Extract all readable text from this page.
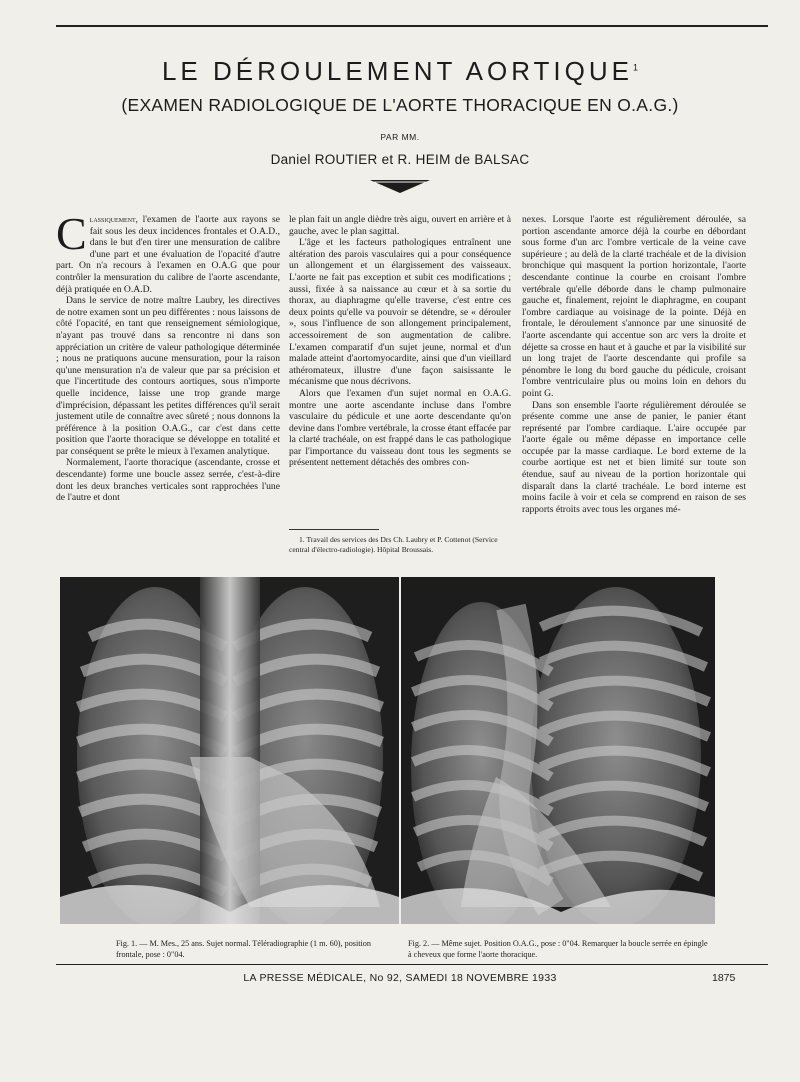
LE DÉROULEMENT AORTIQUE$^1$
(EXAMEN RADIOLOGIQUE DE L'AORTE THORACIQUE EN O.A.G.)
PAR MM.
Daniel ROUTIER et R. HEIM de BALSAC

Classiquement, l'examen de l'aorte aux rayons se fait sous les deux incidences frontales et O.A.D., dans le but d'en tirer une mensuration de calibre d'une part et une évaluation de l'opacité d'autre part. On n'a recours à l'examen en O.A.G que pour contrôler la mensuration du calibre de l'aorte ascendante, déjà pratiquée en O.A.D.

Dans le service de notre maître Laubry, les directives de notre examen sont un peu différentes : nous laissons de côté l'opacité, en tant que renseignement sémiologique, n'ayant pas trouvé dans sa rencontre ni dans son appréciation un critère de valeur pathologique déterminée ; nous ne pratiquons aucune mensuration, pour la raison qu'une mensuration n'a de valeur que par sa précision et que l'incertitude des contours aortiques, sous n'importe quelle incidence, laisse une trop grande marge d'imprécision, dépassant les petites différences qu'il serait justement utile de connaître avec sûreté ; nous donnons la préférence à la position O.A.G., car c'est dans cette position que l'aorte thoracique se développe en totalité et par conséquent se prête le mieux à l'examen analytique.

Normalement, l'aorte thoracique (ascendante, crosse et descendante) forme une boucle assez serrée, c'est-à-dire dont les deux branches verticales sont rapprochées l'une de l'autre et dont

le plan fait un angle dièdre très aigu, ouvert en arrière et à gauche, avec le plan sagittal.

L'âge et les facteurs pathologiques entraînent une altération des parois vasculaires qui a pour conséquence un allongement et un élargissement des vaisseaux. L'aorte ne fait pas exception et subit ces modifications ; aussi, fixée à sa naissance au cœur et à sa sortie du thorax, au diaphragme qu'elle traverse, c'est entre ces deux points qu'elle va pouvoir se détendre, se « dérouler », sous l'influence de son allongement principalement, accessoirement de son augmentation de calibre. L'examen comparatif d'un sujet jeune, normal et d'un malade atteint d'aortomyocardite, ainsi que d'un vieillard athéromateux, illustre d'une façon saisissante le mécanisme que nous décrivons.

Alors que l'examen d'un sujet normal en O.A.G. montre une aorte ascendante incluse dans l'ombre vasculaire du pédicule et une aorte descendante qu'on devine dans l'ombre vertébrale, la crosse étant effacée par la clarté trachéale, on est frappé dans le cas pathologique par l'importance du vaisseau dont tous les segments se présentent nettement détachés des ombres con-

1. Travail des services des Drs Ch. Laubry et P. Cottenot (Service central d'électro-radiologie). Hôpital Broussais.

nexes. Lorsque l'aorte est régulièrement déroulée, sa portion ascendante amorce déjà la courbe en débordant sous forme d'un arc l'ombre verticale de la veine cave supérieure ; au delà de la clarté trachéale et de la division bronchique qui masquent la portion horizontale, l'aorte descendante continue la courbe en croisant l'ombre vertébrale qu'elle déborde dans le champ pulmonaire gauche et, finalement, rejoint le diaphragme, en coupant l'ombre cardiaque au voisinage de la pointe. Déjà en frontale, le déroulement s'annonce par une sinuosité de l'aorte ascendante qui accentue son arc vers la droite et déjette sa crosse en haut et à gauche et par la visibilité sur un long trajet de l'aorte descendante qui profile sa pénombre le long du bord gauche du pédicule, croisant l'ombre ventriculaire plus ou moins loin en dehors du point G.

Dans son ensemble l'aorte régulièrement déroulée se présente comme une anse de panier, le panier étant représenté par l'ombre cardiaque. L'aire occupée par l'aorte égale ou même dépasse en importance celle occupée par la masse cardiaque. Le bord externe de la courbe aortique est net et bien limité sur toute son étendue, sauf au niveau de la portion horizontale qui disparaît dans la clarté trachéale. Le bord interne est moins facile à voir et cela se comprend en raison de ses rapports étroits avec tous les organes mé-

Fig. 1. — M. Mes., 25 ans. Sujet normal. Téléradiographie (1 m. 60), position frontale, pose : 0"04.
Fig. 2. — Même sujet. Position O.A.G., pose : 0"04. Remarquer la boucle serrée en épingle à cheveux que forme l'aorte thoracique.
LA PRESSE MÉDICALE, No 92, SAMEDI 18 NOVEMBRE 1933	1875
